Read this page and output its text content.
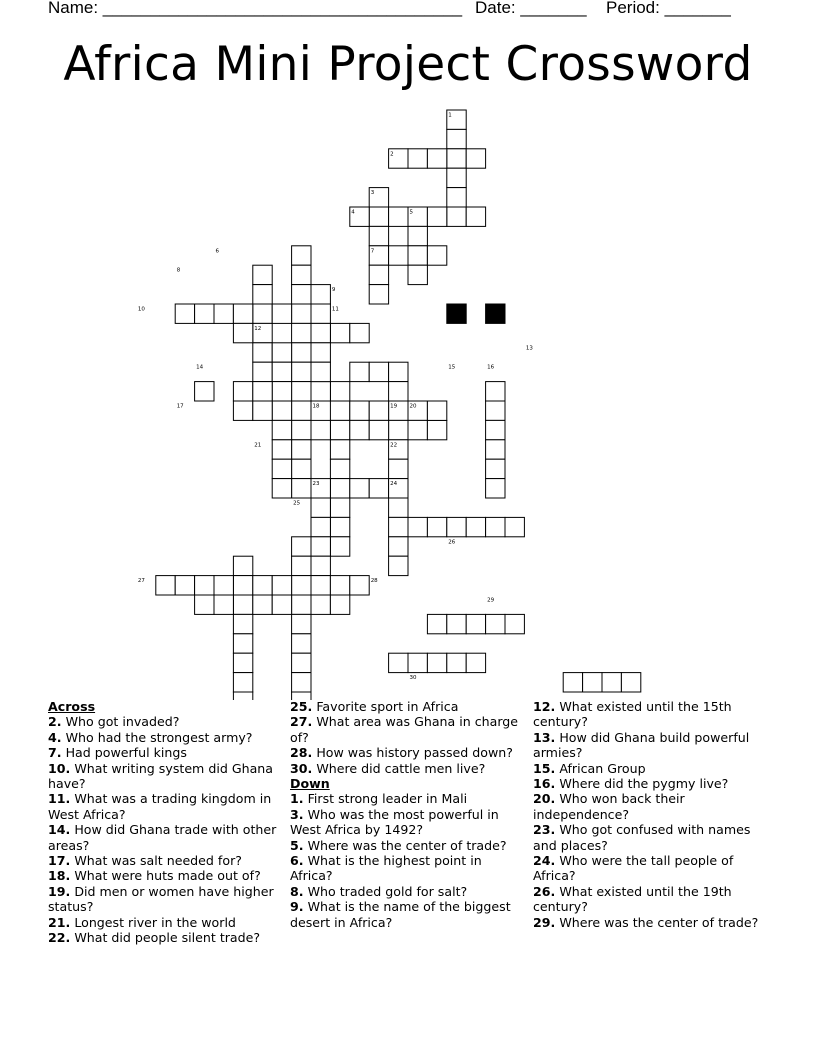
Name: ______________________________________ Date: _______ Period: _______
Africa Mini Project Crossword
1
2
3
4	5
6	7
8
9
10	11
12
13
14	15	16
17	18	19 20
21	22
23	24
25
26
27	28
29
30
Across
2. Who got invaded?
4. Who had the strongest army?
7. Had powerful kings
10. What writing system did Ghana have?
11. What was a trading kingdom in West Africa?
14. How did Ghana trade with other areas?
17. What was salt needed for?
18. What were huts made out of?
19. Did men or women have higher status?
21. Longest river in the world
22. What did people silent trade?
25. Favorite sport in Africa
27. What area was Ghana in charge of?
28. How was history passed down?
30. Where did cattle men live?
Down
1. First strong leader in Mali
3. Who was the most powerful in West Africa by 1492?
5. Where was the center of trade?
6. What is the highest point in Africa?
8. Who traded gold for salt?
9. What is the name of the biggest desert in Africa?
12. What existed until the 15th century?
13. How did Ghana build powerful armies?
15. African Group
16. Where did the pygmy live?
20. Who won back their independence?
23. Who got confused with names and places?
24. Who were the tall people of Africa?
26. What existed until the 19th century?
29. Where was the center of trade?
